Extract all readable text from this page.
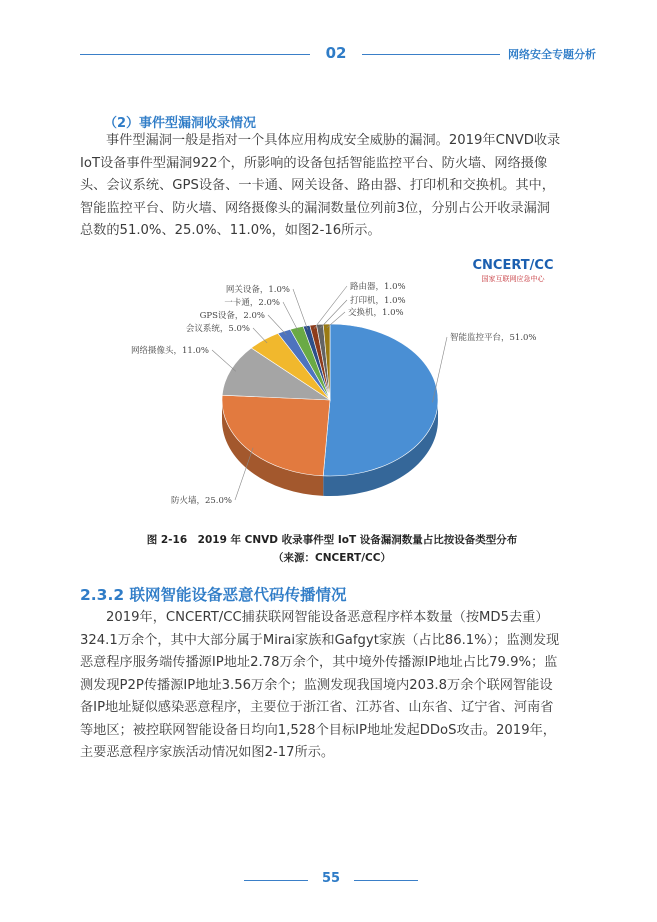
02	网络安全专题分析
（2）事件型漏洞收录情况
事件型漏洞一般是指对一个具体应用构成安全威胁的漏洞。2019年CNVD收录
IoT设备事件型漏洞922个，所影响的设备包括智能监控平台、防火墙、网络摄像
头、会议系统、GPS设备、一卡通、网关设备、路由器、打印机和交换机。其中，
智能监控平台、防火墙、网络摄像头的漏洞数量位列前3位，分别占公开收录漏洞
总数的51.0%、25.0%、11.0%，如图2-16所示。
智能监控平台，51.0%
防火墙，25.0%
网络摄像头，11.0%
会议系统，5.0%
GPS设备，2.0%
一卡通，2.0%
网关设备，1.0%	路由器，1.0%
打印机，1.0%
交换机，1.0%
CNCERT/CC
国家互联网应急中心
图 2-16　2019 年 CNVD 收录事件型 IoT 设备漏洞数量占比按设备类型分布
（来源：CNCERT/CC）
2.3.2 联网智能设备恶意代码传播情况
2019年，CNCERT/CC捕获联网智能设备恶意程序样本数量（按MD5去重）
324.1万余个，其中大部分属于Mirai家族和Gafgyt家族（占比86.1%）；监测发现
恶意程序服务端传播源IP地址2.78万余个，其中境外传播源IP地址占比79.9%；监
测发现P2P传播源IP地址3.56万余个；监测发现我国境内203.8万余个联网智能设
备IP地址疑似感染恶意程序，主要位于浙江省、江苏省、山东省、辽宁省、河南省
等地区；被控联网智能设备日均向1,528个目标IP地址发起DDoS攻击。2019年，
主要恶意程序家族活动情况如图2-17所示。
55
